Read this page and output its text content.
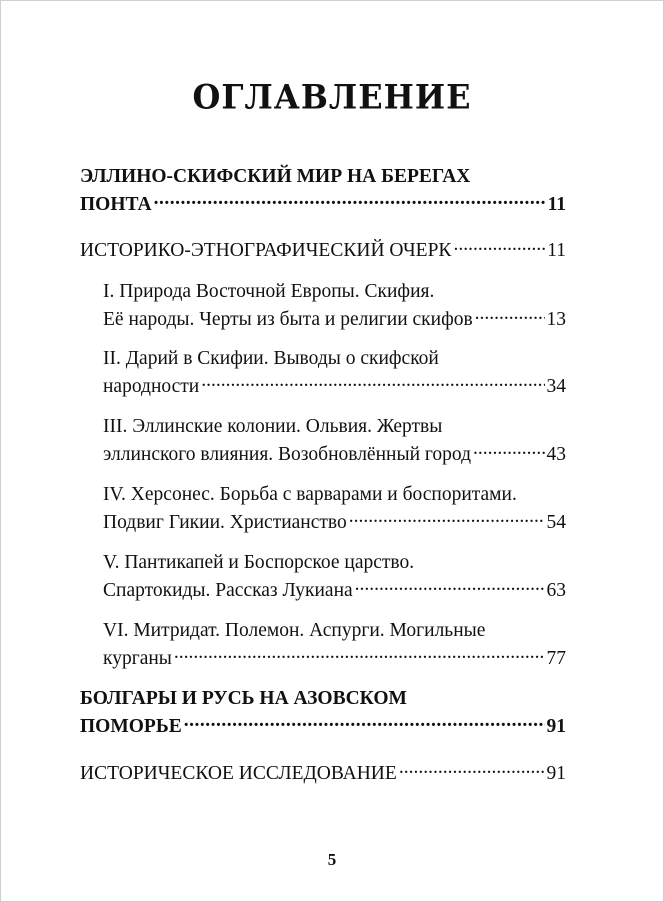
ОГЛАВЛЕНИЕ
ЭЛЛИНО-СКИФСКИЙ МИР НА БЕРЕГАХ
ПОНТА .....	11
ИСТОРИКО-ЭТНОГРАФИЧЕСКИЙ ОЧЕРК .....	11
I. Природа Восточной Европы. Скифия.
Её народы. Черты из быта и религии скифов .....	13
II. Дарий в Скифии. Выводы о скифской
народности .....	34
III. Эллинские колонии. Ольвия. Жертвы
эллинского влияния. Возобновлённый город .....	43
IV. Херсонес. Борьба с варварами и боспоритами.
Подвиг Гикии. Христианство .....	54
V. Пантикапей и Боспорское царство.
Спартокиды. Рассказ Лукиана .....	63
VI. Митридат. Полемон. Аспурги. Могильные
курганы .....	77
БОЛГАРЫ И РУСЬ НА АЗОВСКОМ
ПОМОРЬЕ .....	91
ИСТОРИЧЕСКОЕ ИССЛЕДОВАНИЕ .....	91
5
